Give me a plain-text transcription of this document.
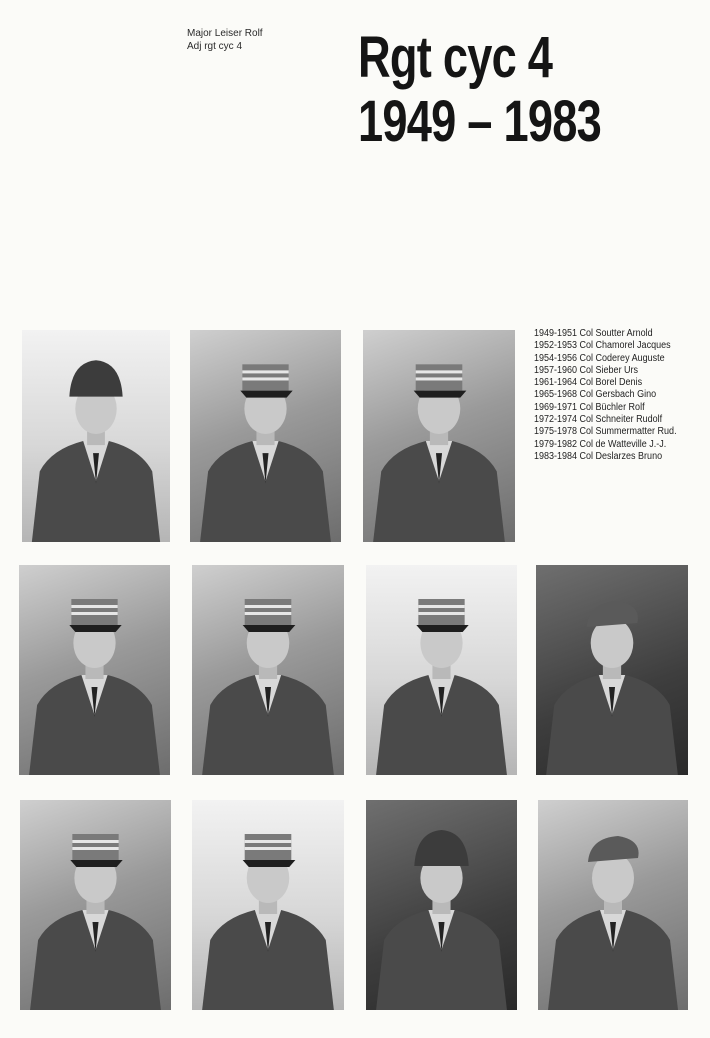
Major Leiser Rolf
Adj rgt cyc 4	Rgt cyc 4
1949 – 1983
1949-1951 Col Soutter Arnold
1952-1953 Col Chamorel Jacques
1954-1956 Col Coderey Auguste
1957-1960 Col Sieber Urs
1961-1964 Col Borel Denis
1965-1968 Col Gersbach Gino
1969-1971 Col Büchler Rolf
1972-1974 Col Schneiter Rudolf
1975-1978 Col Summermatter Rud.
1979-1982 Col de Watteville J.-J.
1983-1984 Col Deslarzes Bruno
